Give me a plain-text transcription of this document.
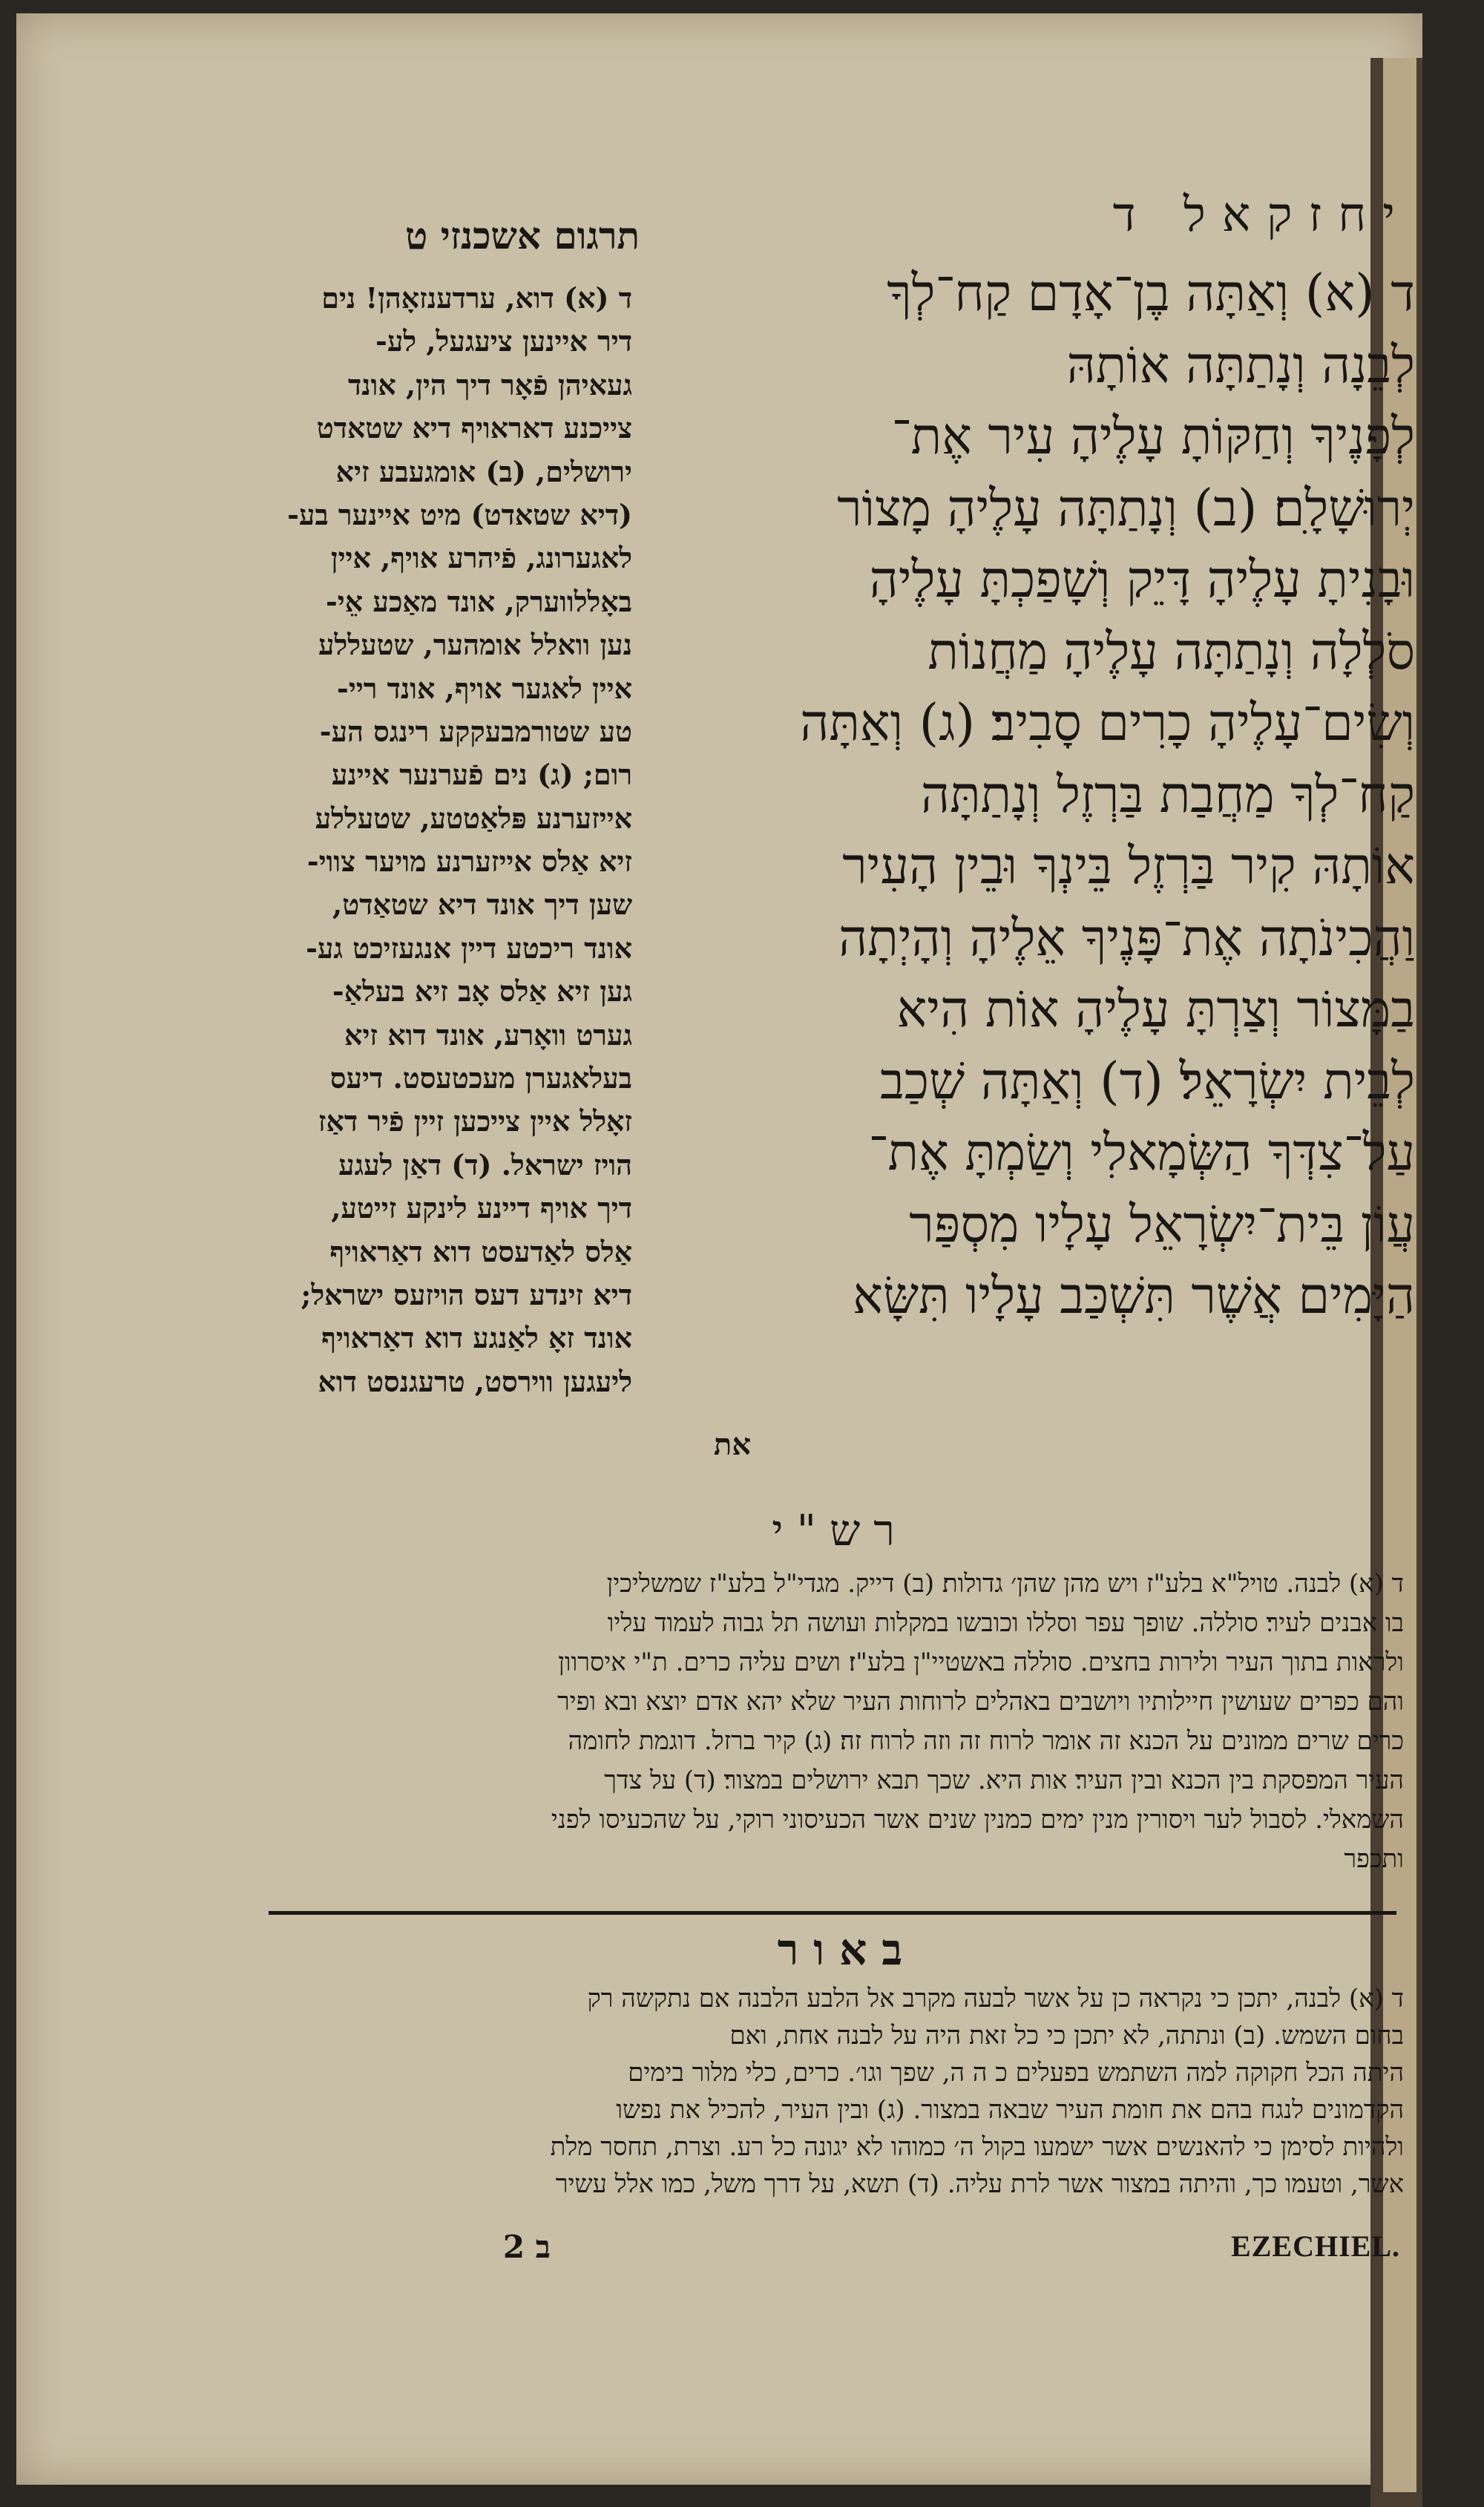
יחזקאל ד
תרגום אשכנזי ט
ד (א) וְאַתָּה בֶן־אָדָם קַח־לְךָ
לְבֵנָה וְנָתַתָּה אוֹתָהּ
לְפָנֶיךָ וְחַקּוֹתָ עָלֶיהָ עִיר אֶת־
יְרוּשָׁלָ‍ִם׃ (ב) וְנָתַתָּה עָלֶיהָ מָצוֹר
וּבָנִיתָ עָלֶיהָ דָּיֵק וְשָׁפַכְתָּ עָלֶיהָ
סֹלְלָה וְנָתַתָּה עָלֶיהָ מַחֲנוֹת
וְשִׂים־עָלֶיהָ כָרִים סָבִיב׃ (ג) וְאַתָּה
קַח־לְךָ מַחֲבַת בַּרְזֶל וְנָתַתָּה
אוֹתָהּ קִיר בַּרְזֶל בֵּינְךָ וּבֵין הָעִיר
וַהֲכִינֹתָה אֶת־פָּנֶיךָ אֵלֶיהָ וְהָיְתָה
בַמָּצוֹר וְצַרְתָּ עָלֶיהָ אוֹת הִיא
לְבֵית יִשְׂרָאֵל׃ (ד) וְאַתָּה שְׁכַב
עַל־צִדְּךָ הַשְּׂמָאלִי וְשַׂמְתָּ אֶת־
עֲוֹן בֵּית־יִשְׂרָאֵל עָלָיו מִסְפַּר
הַיָּמִים אֲשֶׁר תִּשְׁכַּב עָלָיו תִּשָּׂא
את
ד (א) דוא, ערדענזאָהן! נים
דיר איינען ציעגעל, לע-
געאיהן פֿאָר דיך הין, אונד
צייכנע דאראויף דיא שטאדט
ירושלים, (ב) אומגעבע זיא
(דיא שטאדט) מיט איינער בע-
לאגערונג, פֿיהרע אויף, איין
באָללווערק, אונד מאַכע אֵי-
נען וואלל אומהער, שטעללע
איין לאגער אויף, אונד ריי-
טע שטורמבעקקע רינגס הע-
רום; (ג) נים פֿערנער איינע
אייזערנע פּלאַטטע, שטעללע
זיא אַלס אייזערנע מויער צווי-
שען דיך אונד דיא שטאַדט,
אונד ריכטע דיין אנגעזיכט גע-
גען זיא אַלס אָב זיא בעלאַ-
גערט וואָרע, אונד דוא זיא
בעלאגערן מעכטעסט. דיעס
זאָלל איין צייכען זיין פֿיר דאַז
הויז ישראל. (ד) דאַן לעגע
דיך אויף דיינע לינקע זייטע,
אַלס לאַדעסט דוא דאַראויף
דיא זינדע דעס הויזעס ישראל;
אונד זאָ לאַנגע דוא דאַראויף
ליעגען ווירסט, טרעגנסט דוא
רש"י
ד (א) לבנה. טויל"א בלע"ז ויש מהן שהן׳ גדולות׃ (ב) דייק. מגדי"ל בלע"ז שמשליכין
בו אבנים לעיר׃ סוללה. שופך עפר וסללו וכובשו במקלות ועושה תל גבוה לעמוד עליו
ולראות בתוך העיר ולירות בחצים. סוללה באשטיי"ן בלע"ז׃ ושים עליה כרים. ת"י איסרוון
והם כפרים שעושין חיילותיו ויושבים באהלים לרוחות העיר שלא יהא אדם יוצא ובא ופיר
כרים שרים ממונים על הכנא זה אומר לרוח זה וזה לרוח זה׃ (ג) קיר ברזל. דוגמת לחומה
העיר המפסקת בין הכנא ובין העיר׃ אות היא. שכך תבא ירושלים במצור׃ (ד) על צדך
השמאלי. לסבול לער ויסורין מנין ימים כמנין שנים אשר הכעיסוני רוקי, על שהכעיסו לפני
ותכפר
באור
ד (א) לבנה, יתכן כי נקראה כן על אשר לבעה מקרב אל הלבע הלבנה אם נתקשה רק
בחום השמש. (ב) ונתתה, לא יתכן כי כל זאת היה על לבנה אחת, ואם
היתה הכל חקוקה למה השתמש בפעלים כ ה ה, שפך וגו׳. כרים, כלי מלור בימים
הקדמונים לנגח בהם את חומת העיר שבאה במצור. (ג) ובין העיר, להכיל את נפשו
ולהיות לסימן כי להאנשים אשר ישמעו בקול ה׳ כמוהו לא יגונה כל רע. וצרת, תחסר מלת
אשר, וטעמו כך, והיתה במצור אשר לרת עליה. (ד) תשא, על דרך משל, כמו אלל עשיר
ב 2	EZECHIEL.
